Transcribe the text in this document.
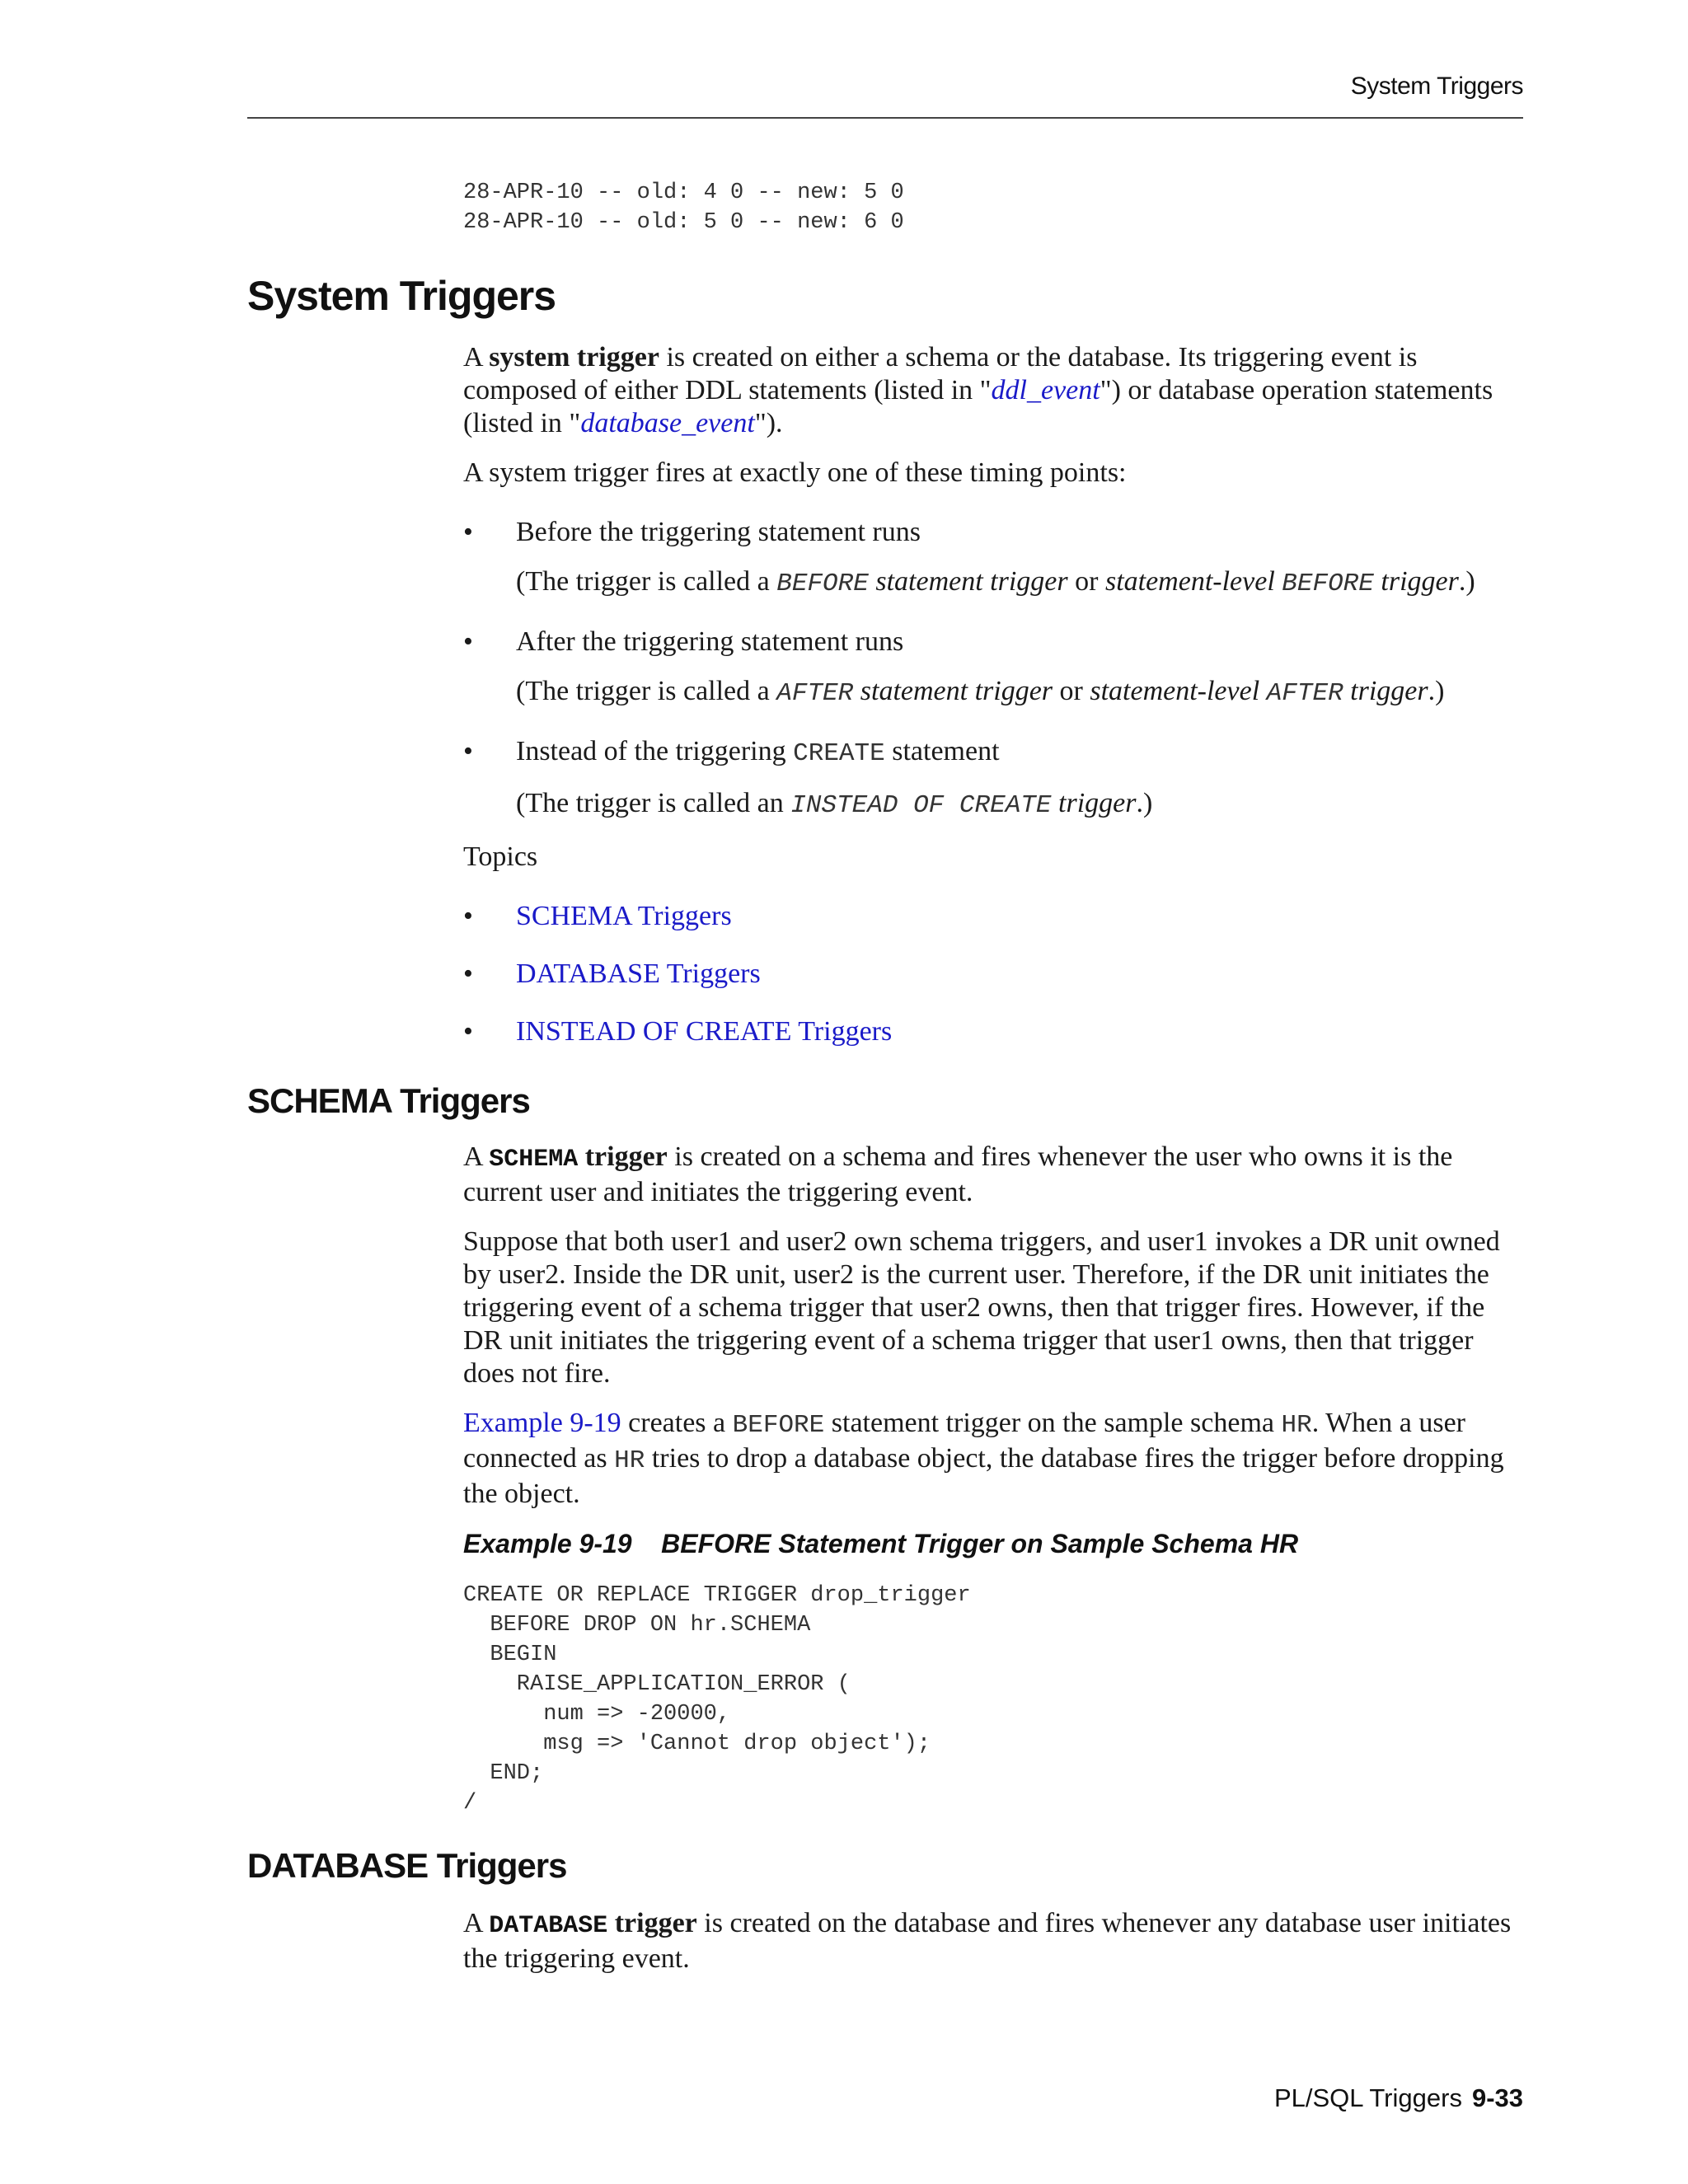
System Triggers
28-APR-10 -- old: 4 0 -- new: 5 0
28-APR-10 -- old: 5 0 -- new: 6 0
System Triggers

A system trigger is created on either a schema or the database. Its triggering event is composed of either DDL statements (listed in "ddl_event") or database operation statements (listed in "database_event").

A system trigger fires at exactly one of these timing points:

• Before the triggering statement runs
(The trigger is called a BEFORE statement trigger or statement-level BEFORE trigger.)
• After the triggering statement runs
(The trigger is called a AFTER statement trigger or statement-level AFTER trigger.)
• Instead of the triggering CREATE statement
(The trigger is called an INSTEAD OF CREATE trigger.)

Topics

• SCHEMA Triggers
• DATABASE Triggers
• INSTEAD OF CREATE Triggers
SCHEMA Triggers

A SCHEMA trigger is created on a schema and fires whenever the user who owns it is the current user and initiates the triggering event.

Suppose that both user1 and user2 own schema triggers, and user1 invokes a DR unit owned by user2. Inside the DR unit, user2 is the current user. Therefore, if the DR unit initiates the triggering event of a schema trigger that user2 owns, then that trigger fires. However, if the DR unit initiates the triggering event of a schema trigger that user1 owns, then that trigger does not fire.

Example 9-19 creates a BEFORE statement trigger on the sample schema HR. When a user connected as HR tries to drop a database object, the database fires the trigger before dropping the object.

Example 9-19    BEFORE Statement Trigger on Sample Schema HR
CREATE OR REPLACE TRIGGER drop_trigger
BEFORE DROP ON hr.SCHEMA
BEGIN
RAISE_APPLICATION_ERROR (
num => -20000,
msg => 'Cannot drop object');
END;
/
DATABASE Triggers

A DATABASE trigger is created on the database and fires whenever any database user initiates the triggering event.

PL/SQL Triggers 9-33
